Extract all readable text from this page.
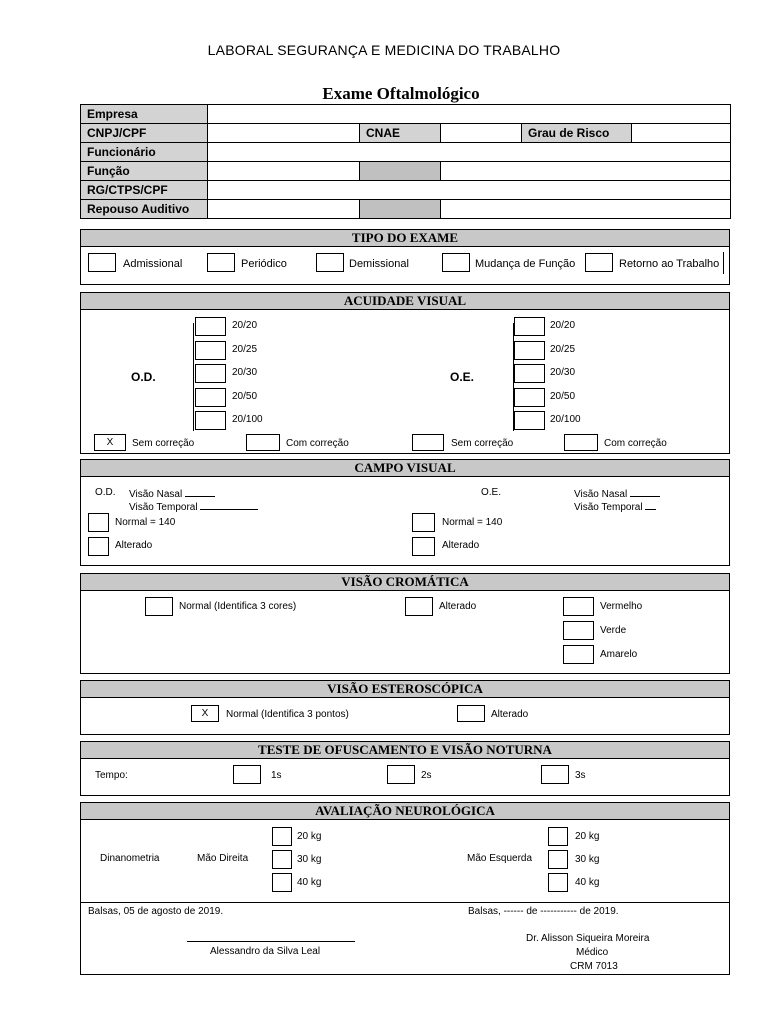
LABORAL SEGURANÇA E MEDICINA DO TRABALHO
Exame Oftalmológico
Empresa					
CNPJ/CPF		CNAE		Grau de Risco	
Funcionário					
Função					
RG/CTPS/CPF					
Repouso Auditivo					
TIPO DO EXAME
Admissional	Periódico	Demissional	Mudança de Função	Retorno ao Trabalho
ACUIDADE VISUAL
O.D.	O.E.
20/20
20/25
20/30
20/50
20/100
20/20
20/25
20/30
20/50
20/100
X	Sem correção	Com correção	Sem correção	Com correção
CAMPO VISUAL
O.D. Visão Nasal
Visão Temporal
O.E.	Visão Nasal
Visão Temporal
Normal = 140
Alterado
Normal = 140
Alterado
VISÃO CROMÁTICA
Normal (Identifica 3 cores)	Alterado	Vermelho
Verde
Amarelo
VISÃO ESTEROSCÓPICA
X	Normal (Identifica 3 pontos)	Alterado
TESTE DE OFUSCAMENTO E VISÃO NOTURNA
Tempo:	1s	2s	3s
AVALIAÇÃO NEUROLÓGICA
Dinanometria	Mão Direita
20 kg
30 kg
40 kg
Mão Esquerda
20 kg
30 kg
40 kg
Balsas, 05 de agosto de 2019.	Balsas, ------ de ----------- de 2019.
Alessandro da Silva Leal
Dr. Alisson Siqueira Moreira
Médico
CRM 7013
